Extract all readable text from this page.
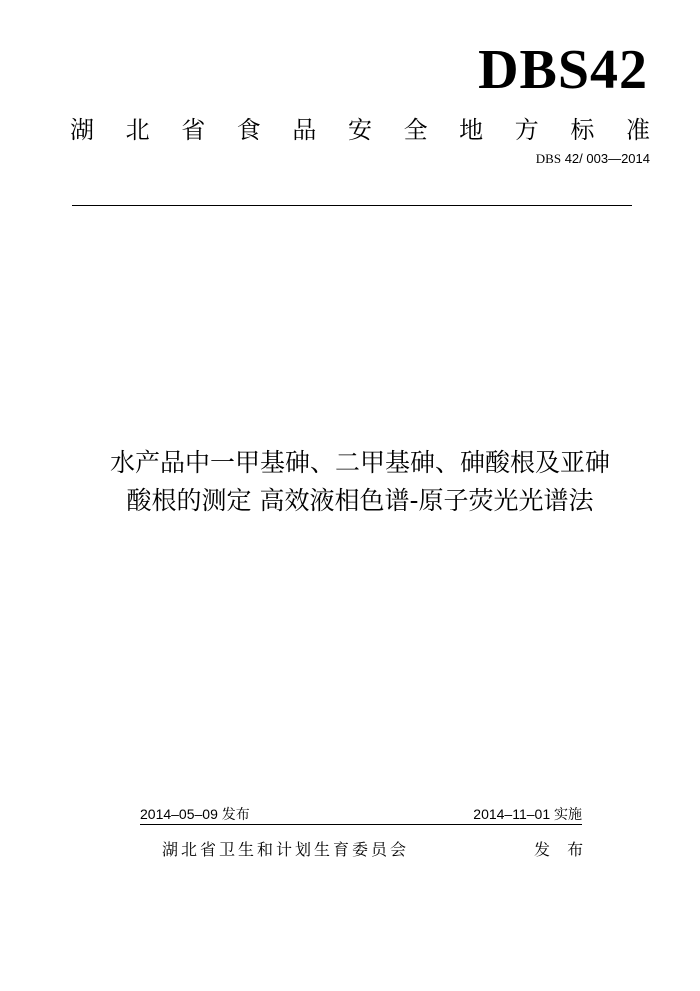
DBS42
湖 北 省 食 品 安 全 地 方 标 准
DBS 42/ 003—2014
水产品中一甲基砷、二甲基砷、砷酸根及亚砷
酸根的测定 高效液相色谱-原子荧光光谱法
2014–05–09 发布	2014–11–01 实施
湖北省卫生和计划生育委员会	发 布
